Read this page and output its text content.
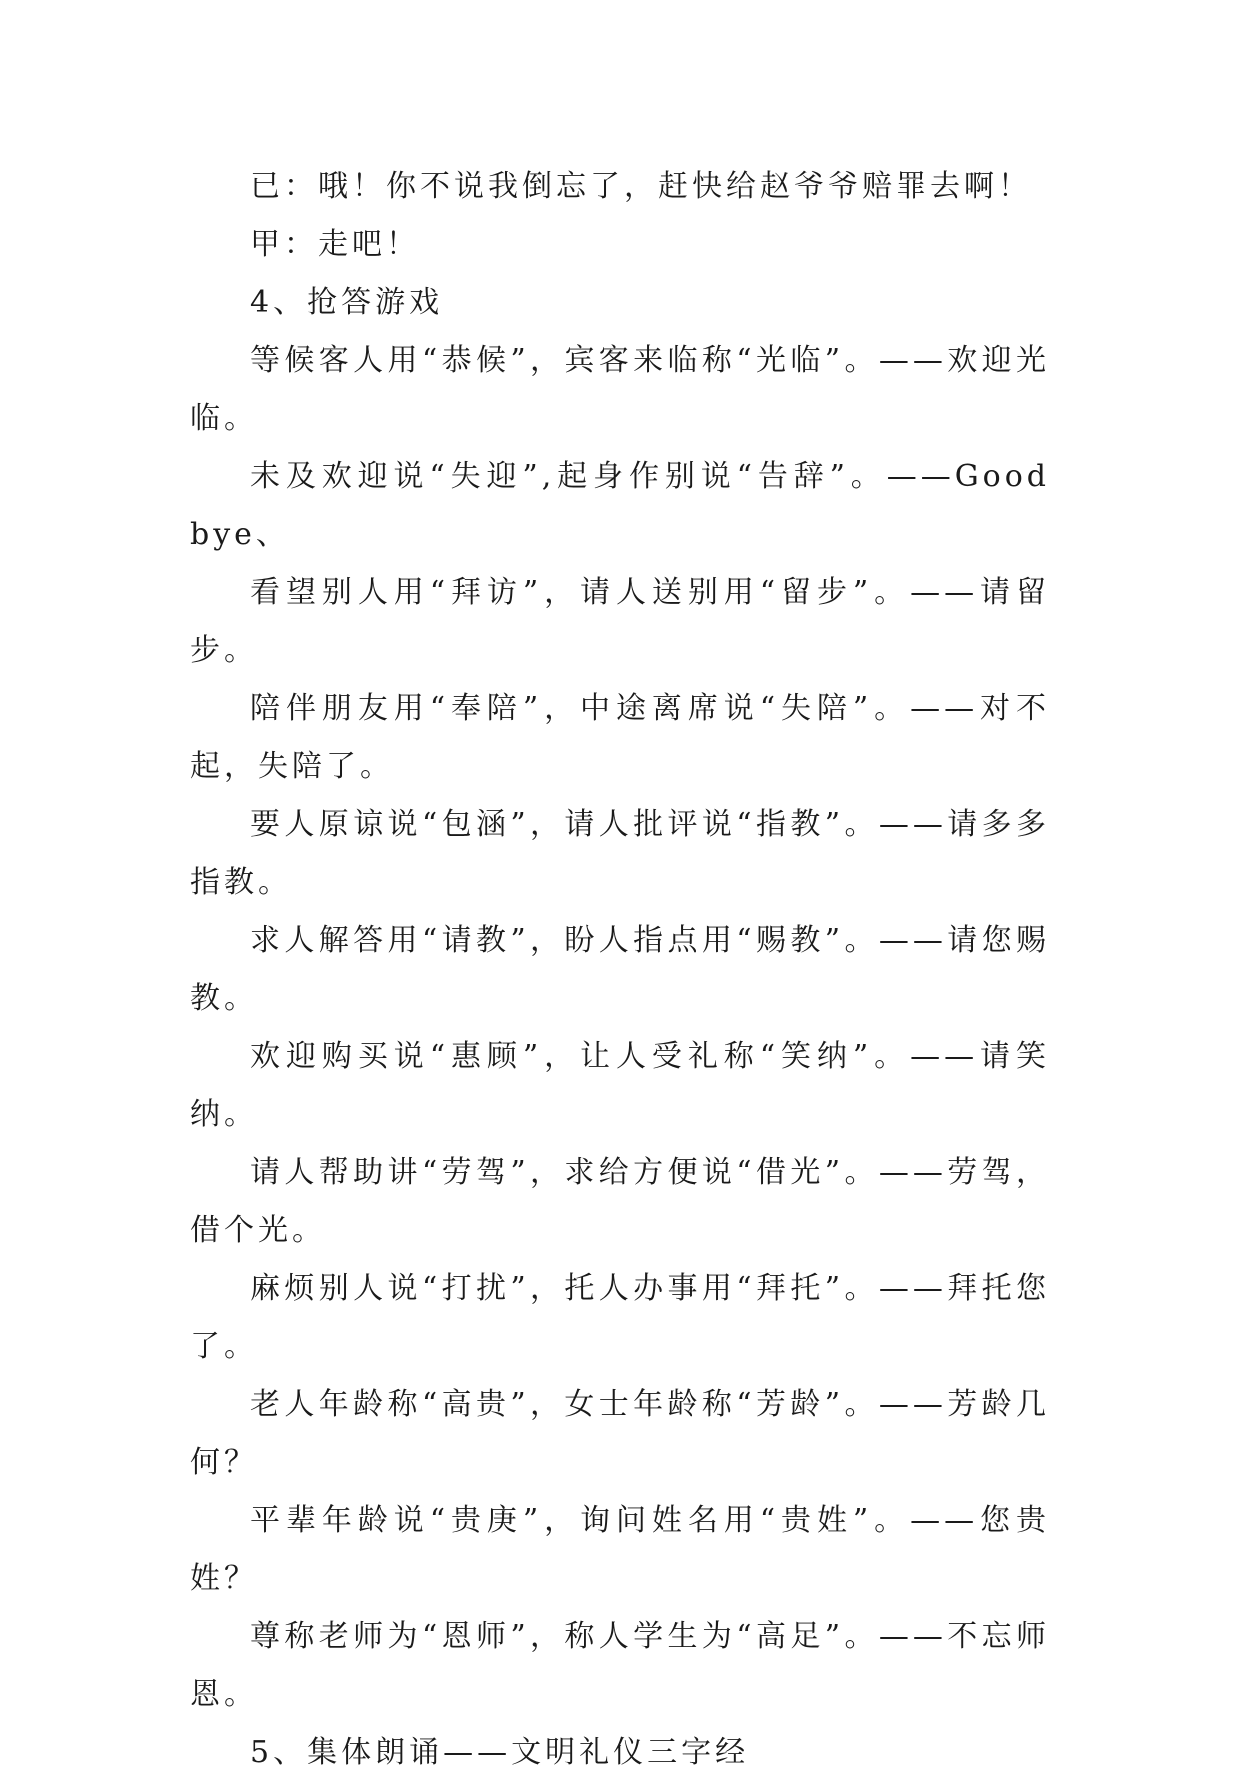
已：哦！你不说我倒忘了，赶快给赵爷爷赔罪去啊！

甲：走吧！

4、抢答游戏

等候客人用“恭候”，宾客来临称“光临”。——欢迎光临。

未及欢迎说“失迎”,起身作别说“告辞”。——Good bye、

看望别人用“拜访”，请人送别用“留步”。——请留步。

陪伴朋友用“奉陪”，中途离席说“失陪”。——对不起，失陪了。

要人原谅说“包涵”，请人批评说“指教”。——请多多指教。

求人解答用“请教”，盼人指点用“赐教”。——请您赐教。

欢迎购买说“惠顾”，让人受礼称“笑纳”。——请笑纳。

请人帮助讲“劳驾”，求给方便说“借光”。——劳驾，借个光。

麻烦别人说“打扰”，托人办事用“拜托”。——拜托您了。

老人年龄称“高贵”，女士年龄称“芳龄”。——芳龄几何？

平辈年龄说“贵庚”，询问姓名用“贵姓”。——您贵姓？

尊称老师为“恩师”，称人学生为“高足”。——不忘师恩。

5、集体朗诵——文明礼仪三字经
